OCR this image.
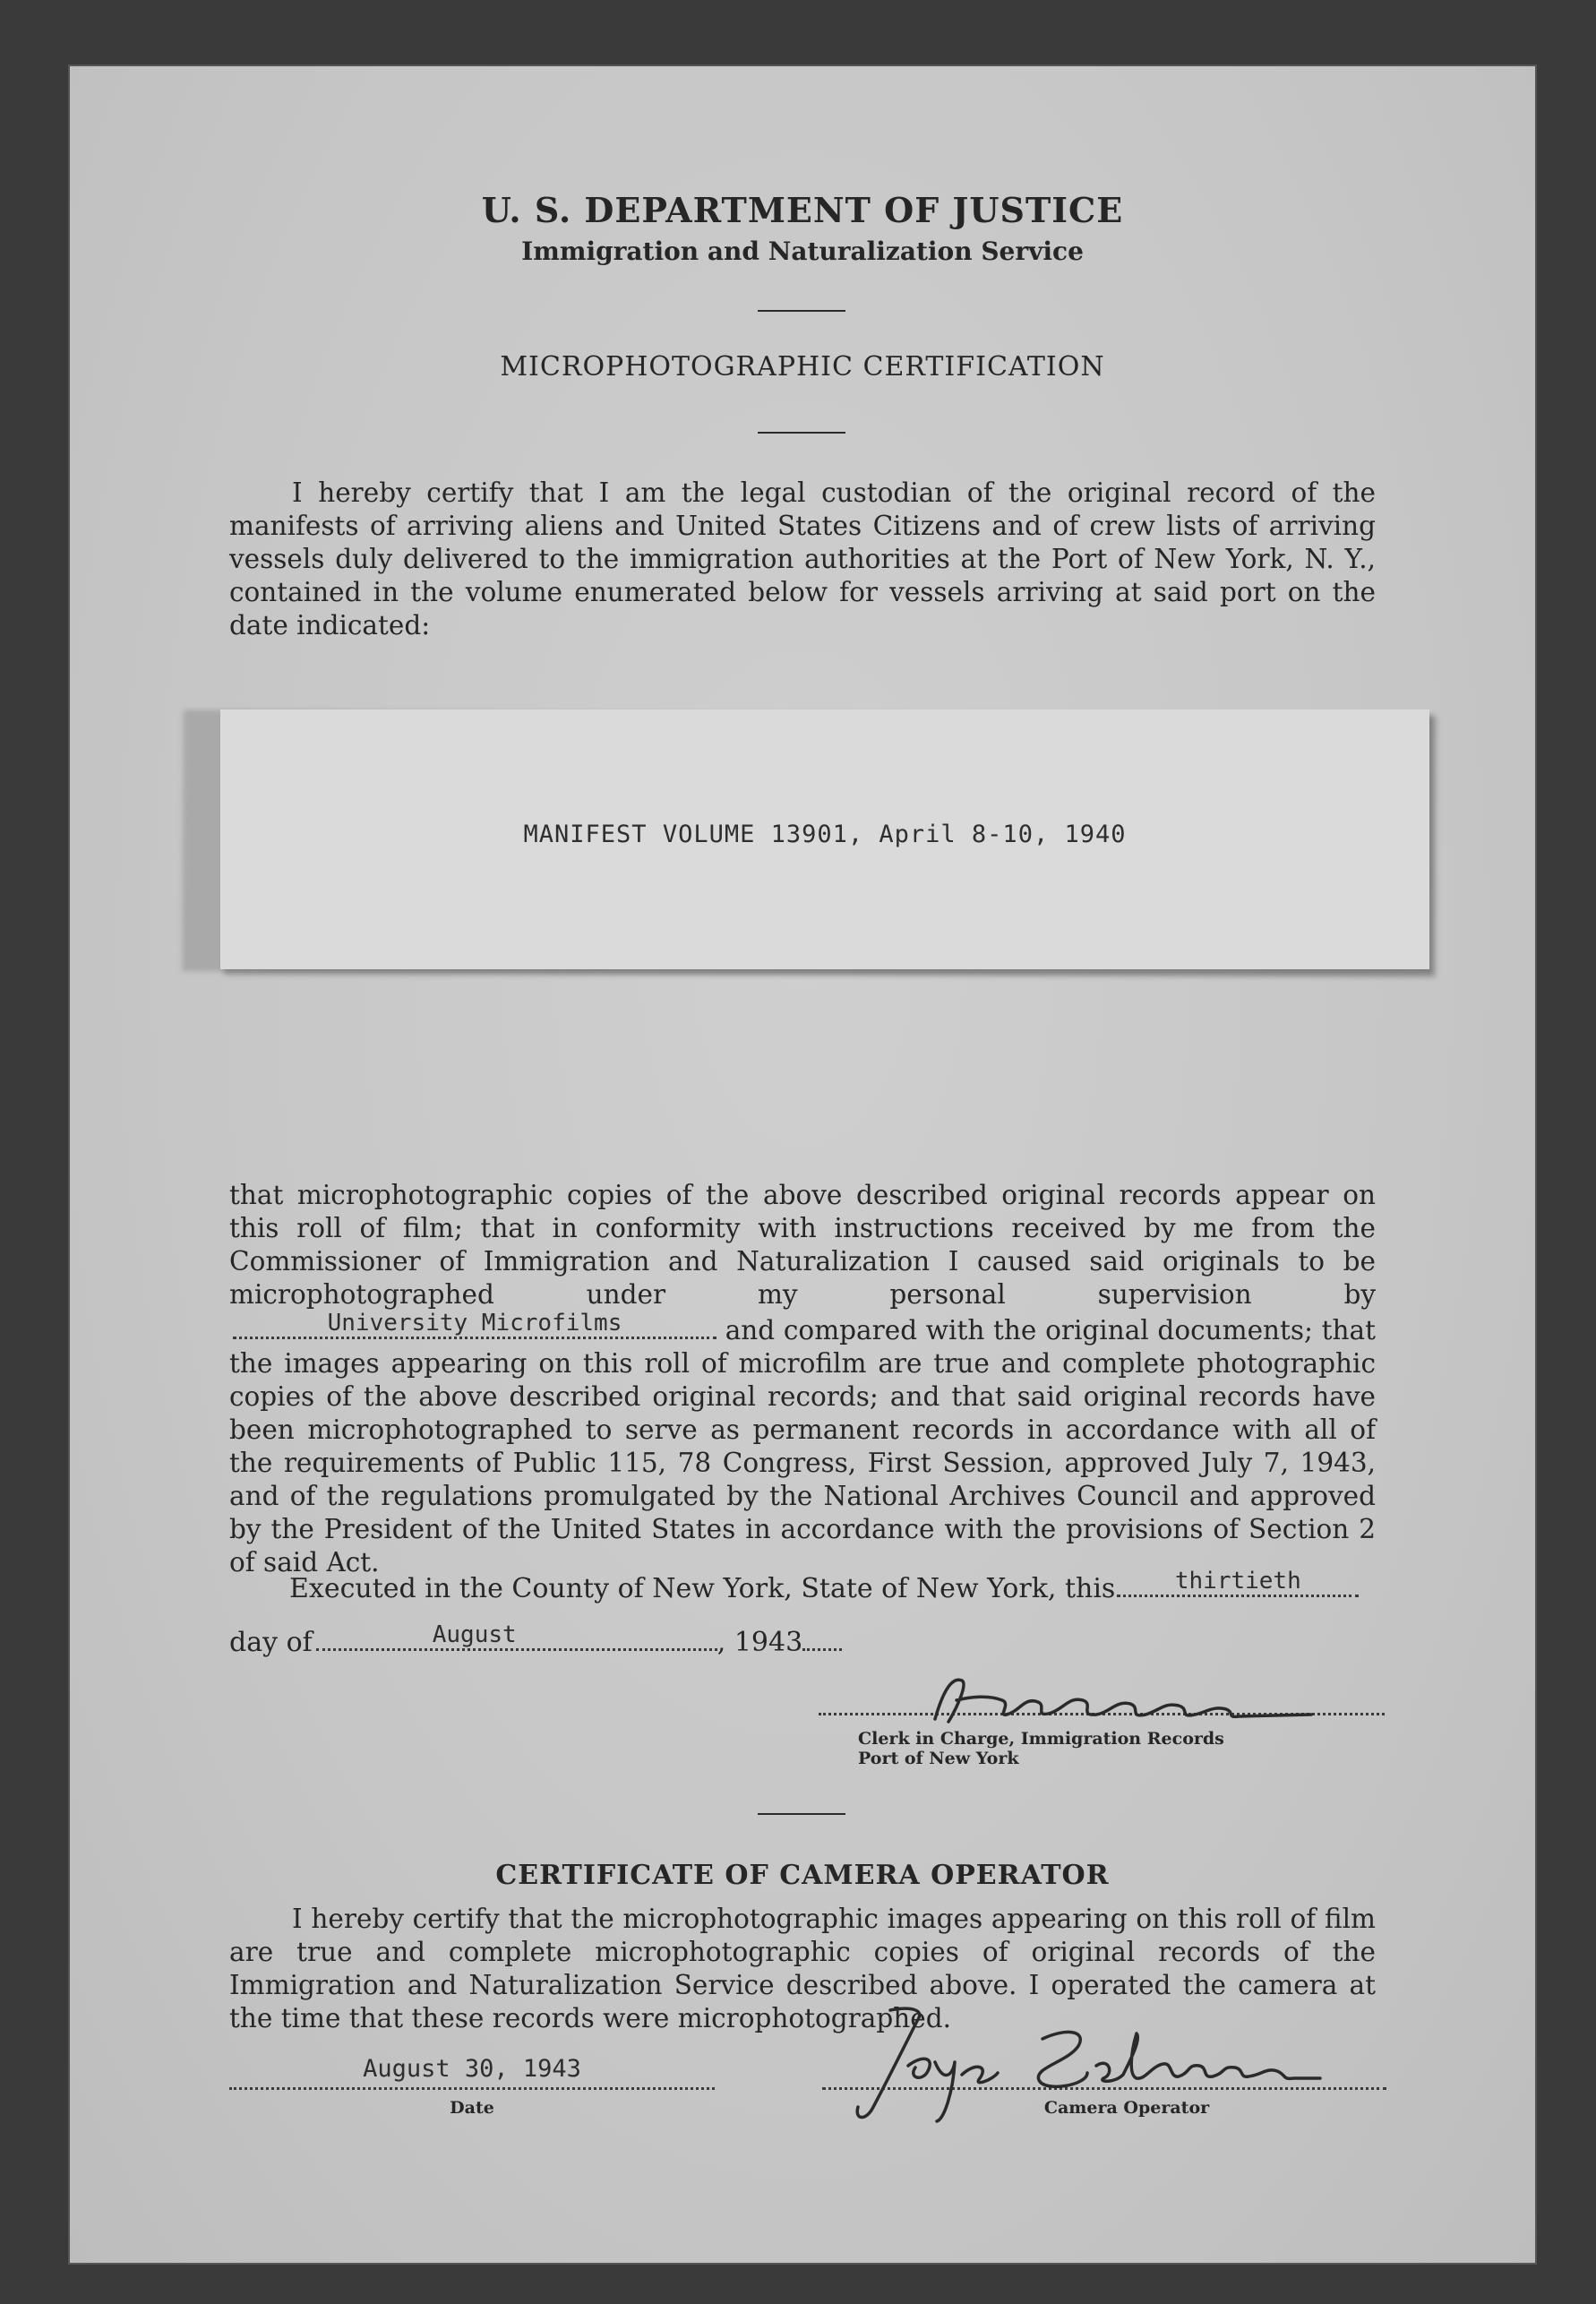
U. S. DEPARTMENT OF JUSTICE
Immigration and Naturalization Service
MICROPHOTOGRAPHIC CERTIFICATION

I hereby certify that I am the legal custodian of the original record of the manifests of arriving aliens and United States Citizens and of crew lists of arriving vessels duly delivered to the immigration authorities at the Port of New York, N. Y., contained in the volume enumerated below for vessels arriving at said port on the date indicated:

MANIFEST VOLUME 13901, April 8-10, 1940

that microphotographic copies of the above described original records appear on this roll of film; that in conformity with instructions received by me from the Commissioner of Immigration and Naturalization I caused said originals to be microphotographed under my personal supervision by
University Microfilms	and compared with the original documents; that the images appearing on this roll of microfilm are true and complete photographic copies of the above described original records; and that said original records have been microphotographed to serve as permanent records in accordance with all of the requirements of Public 115, 78 Congress, First Session, approved July 7, 1943, and of the regulations promulgated by the National Archives Council and approved by the President of the United States in accordance with the provisions of Section 2 of said Act.

Executed in the County of New York, State of New York, this	thirtieth
day of	August	, 1943
Clerk in Charge, Immigration Records
Port of New York
CERTIFICATE OF CAMERA OPERATOR

I hereby certify that the microphotographic images appearing on this roll of film are true and complete microphotographic copies of original records of the Immigration and Naturalization Service described above. I operated the camera at the time that these records were microphotographed.

August 30, 1943
Date	Camera Operator
